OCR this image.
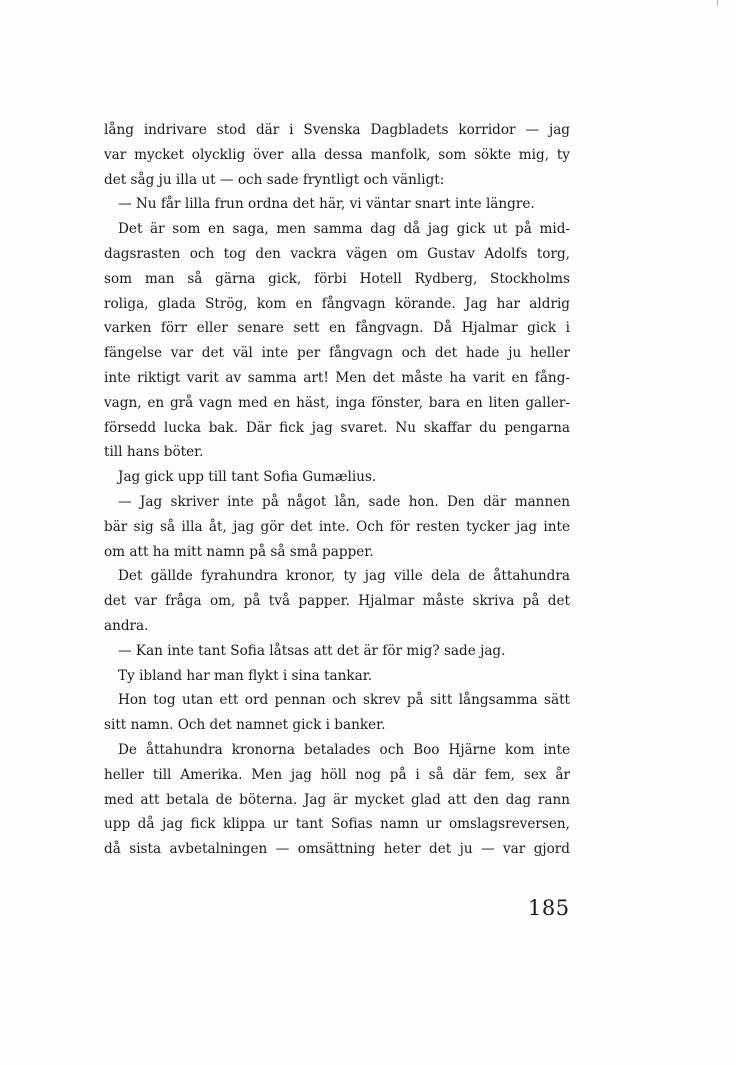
lång indrivare stod där i Svenska Dagbladets korridor — jag
var mycket olycklig över alla dessa manfolk, som sökte mig, ty
det såg ju illa ut — och sade fryntligt och vänligt:
— Nu får lilla frun ordna det här, vi väntar snart inte längre.
Det är som en saga, men samma dag då jag gick ut på mid-
dagsrasten och tog den vackra vägen om Gustav Adolfs torg,
som man så gärna gick, förbi Hotell Rydberg, Stockholms
roliga, glada Strög, kom en fångvagn körande. Jag har aldrig
varken förr eller senare sett en fångvagn. Då Hjalmar gick i
fängelse var det väl inte per fångvagn och det hade ju heller
inte riktigt varit av samma art! Men det måste ha varit en fång-
vagn, en grå vagn med en häst, inga fönster, bara en liten galler-
försedd lucka bak. Där fick jag svaret. Nu skaffar du pengarna
till hans böter.
Jag gick upp till tant Sofia Gumælius.
— Jag skriver inte på något lån, sade hon. Den där mannen
bär sig så illa åt, jag gör det inte. Och för resten tycker jag inte
om att ha mitt namn på så små papper.
Det gällde fyrahundra kronor, ty jag ville dela de åttahundra
det var fråga om, på två papper. Hjalmar måste skriva på det
andra.
— Kan inte tant Sofia låtsas att det är för mig? sade jag.
Ty ibland har man flykt i sina tankar.
Hon tog utan ett ord pennan och skrev på sitt långsamma sätt
sitt namn. Och det namnet gick i banker.
De åttahundra kronorna betalades och Boo Hjärne kom inte
heller till Amerika. Men jag höll nog på i så där fem, sex år
med att betala de böterna. Jag är mycket glad att den dag rann
upp då jag fick klippa ur tant Sofias namn ur omslagsreversen,
då sista avbetalningen — omsättning heter det ju — var gjord
185
